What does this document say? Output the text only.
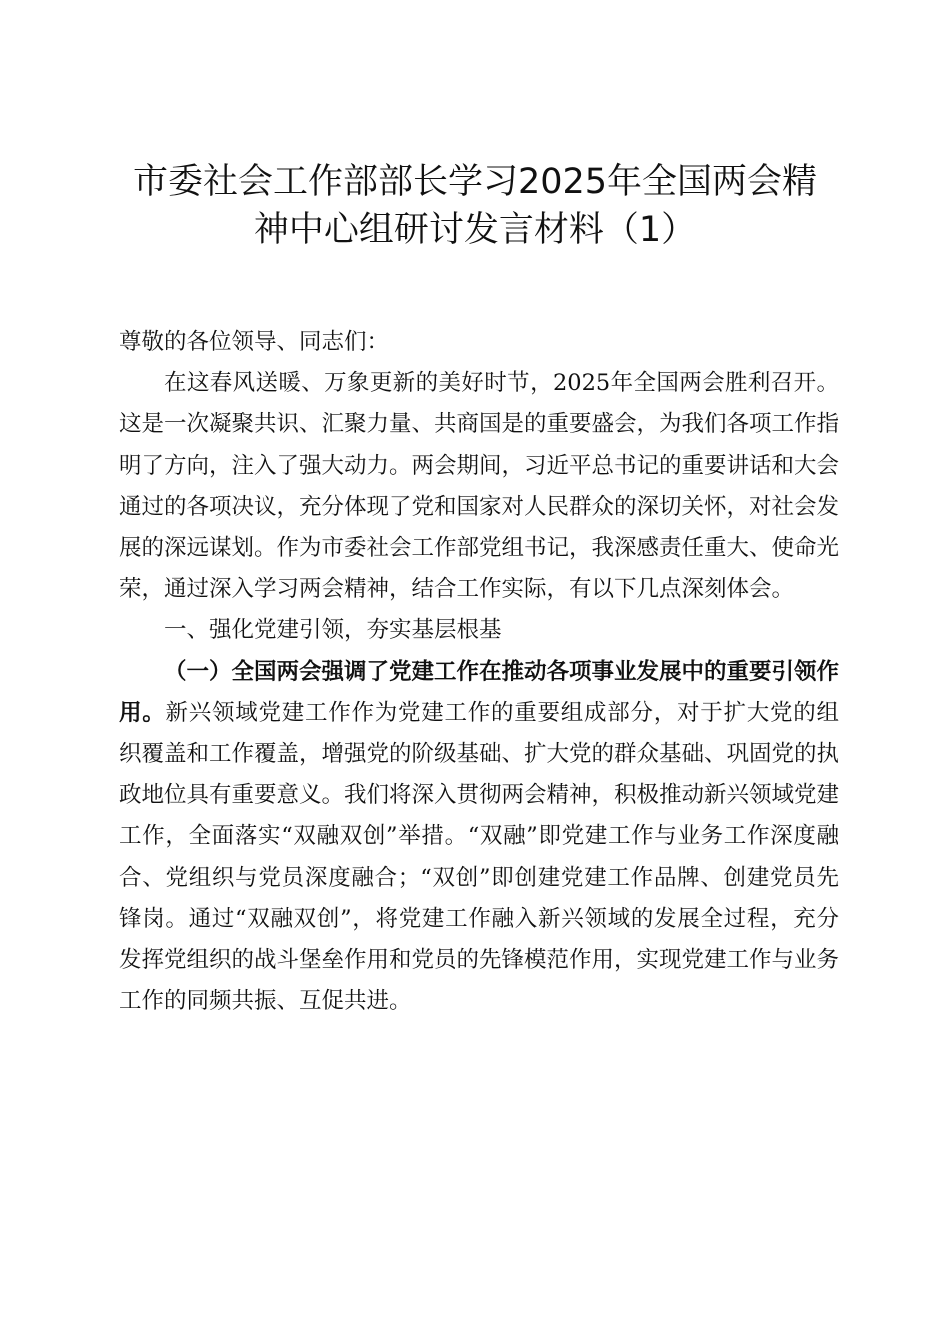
市委社会工作部部长学习2025年全国两会精
神中心组研讨发言材料（1）

尊敬的各位领导、同志们：

在这春风送暖、万象更新的美好时节，2025年全国两会胜利召开。这是一次凝聚共识、汇聚力量、共商国是的重要盛会，为我们各项工作指明了方向，注入了强大动力。两会期间，习近平总书记的重要讲话和大会通过的各项决议，充分体现了党和国家对人民群众的深切关怀，对社会发展的深远谋划。作为市委社会工作部党组书记，我深感责任重大、使命光荣，通过深入学习两会精神，结合工作实际，有以下几点深刻体会。

一、强化党建引领，夯实基层根基

（一）全国两会强调了党建工作在推动各项事业发展中的重要引领作用。新兴领域党建工作作为党建工作的重要组成部分，对于扩大党的组织覆盖和工作覆盖，增强党的阶级基础、扩大党的群众基础、巩固党的执政地位具有重要意义。我们将深入贯彻两会精神，积极推动新兴领域党建工作，全面落实“双融双创”举措。“双融”即党建工作与业务工作深度融合、党组织与党员深度融合；“双创”即创建党建工作品牌、创建党员先锋岗。通过“双融双创”，将党建工作融入新兴领域的发展全过程，充分发挥党组织的战斗堡垒作用和党员的先锋模范作用，实现党建工作与业务工作的同频共振、互促共进。
